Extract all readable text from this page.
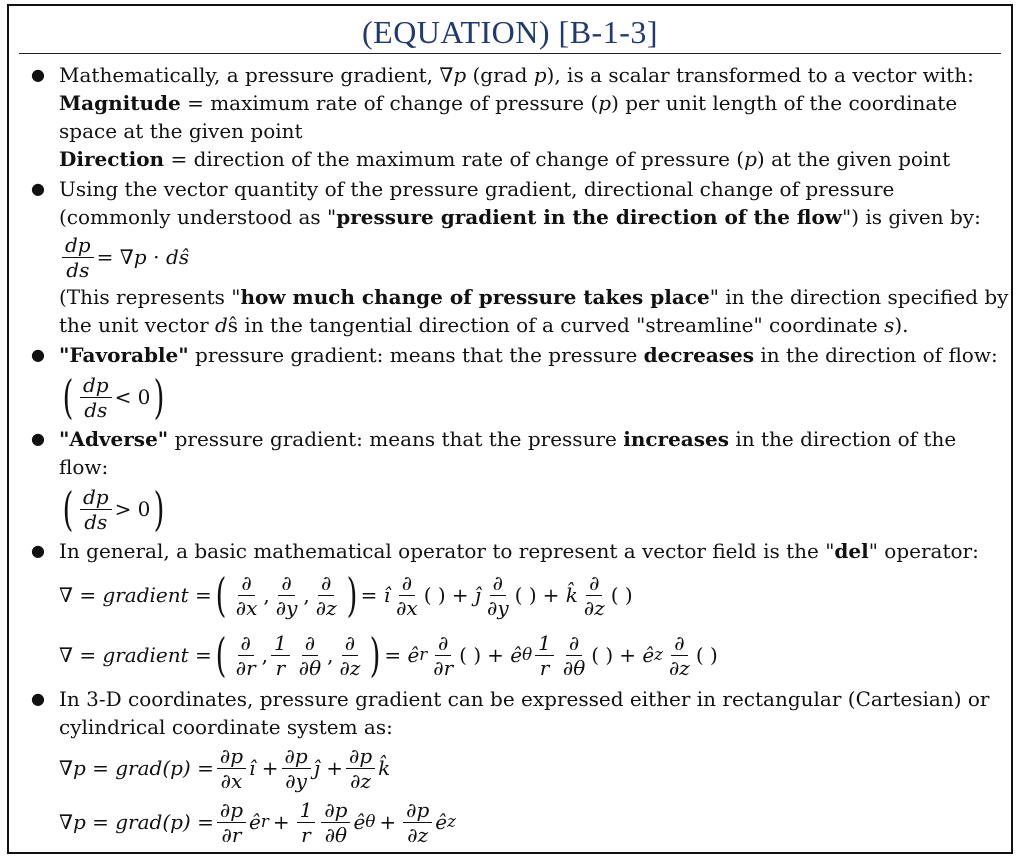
(EQUATION) [B-1-3]
● Mathematically, a pressure gradient, ∇𝑝 (grad 𝑝), is a scalar transformed to a vector with:
Magnitude = maximum rate of change of pressure (𝑝) per unit length of the coordinate
space at the given point
Direction = direction of the maximum rate of change of pressure (𝑝) at the given point
● Using the vector quantity of the pressure gradient, directional change of pressure
(commonly understood as "pressure gradient in the direction of the flow") is given by:
$\frac{dp}{ds}$ = ∇𝑝 ⋅ 𝑑ŝ
(This represents "how much change of pressure takes place" in the direction specified by
the unit vector 𝑑ŝ in the tangential direction of a curved "streamline" coordinate 𝑠).
● "Favorable" pressure gradient: means that the pressure decreases in the direction of flow:
( $\frac{dp}{ds} < 0$ )
● "Adverse" pressure gradient: means that the pressure increases in the direction of the
flow:
( $\frac{dp}{ds} > 0$ )
● In general, a basic mathematical operator to represent a vector field is the "del" operator:
∇ = gradient = ( $\frac{\partial}{\partial x}$ , $\frac{\partial}{\partial y}$ , $\frac{\partial}{\partial z}$ ) = ı̂ $\frac{\partial}{\partial x}$ ( ) + ȷ̂ $\frac{\partial}{\partial y}$ ( ) + k̂ $\frac{\partial}{\partial z}$ ( )
∇ = gradient = ( $\frac{\partial}{\partial r}$ , $\frac{1}{r} \frac{\partial}{\partial\theta}$ , $\frac{\partial}{\partial z}$ ) = ê r $\frac{\partial}{\partial r}$ ( ) + ê θ $\frac{1}{r} \frac{\partial}{\partial\theta}$ ( ) + ê z $\frac{\partial}{\partial z}$ ( )
● In 3-D coordinates, pressure gradient can be expressed either in rectangular (Cartesian) or
cylindrical coordinate system as:
∇𝑝 = grad(𝑝) = $\frac{\partial p}{\partial x}$ ı̂ + $\frac{\partial p}{\partial y}$ ȷ̂ + $\frac{\partial p}{\partial z}$ k̂
∇𝑝 = grad(𝑝) = $\frac{\partial p}{\partial r}$ ê $r + \frac{1}{r} \frac{\partial p}{\partial\theta}$ ê $\theta + \frac{\partial p}{\partial z}$ ê z
